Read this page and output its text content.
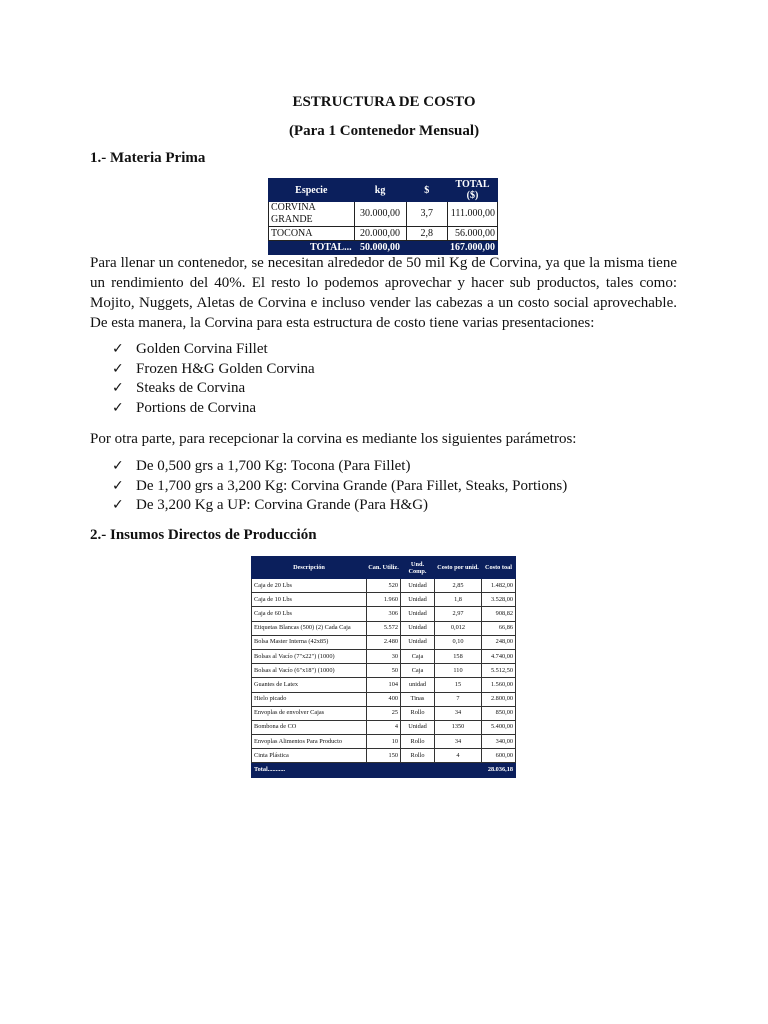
ESTRUCTURA DE COSTO
(Para 1 Contenedor Mensual)
1.- Materia Prima
Especie	kg	$	TOTAL ($)
CORVINA GRANDE	30.000,00	3,7	111.000,00
TOCONA	20.000,00	2,8	56.000,00
TOTAL...	50.000,00		167.000,00
Para llenar un contenedor, se necesitan alrededor de 50 mil Kg de Corvina, ya que la misma tiene un rendimiento del 40%. El resto lo podemos aprovechar y hacer sub productos, tales como: Mojito, Nuggets, Aletas de Corvina e incluso vender las cabezas a un costo social aprovechable. De esta manera, la Corvina para esta estructura de costo tiene varias presentaciones:
✓ Golden Corvina Fillet
✓ Frozen H&G Golden Corvina
✓ Steaks de Corvina
✓ Portions de Corvina
Por otra parte, para recepcionar la corvina es mediante los siguientes parámetros:
✓ De 0,500 grs a 1,700 Kg: Tocona (Para Fillet)
✓ De 1,700 grs a 3,200 Kg: Corvina Grande (Para Fillet, Steaks, Portions)
✓ De 3,200 Kg a UP: Corvina Grande (Para H&G)
2.- Insumos Directos de Producción
Descripción	Can. Utiliz.	Und. Comp.	Costo por unid.	Costo toal
Caja de 20 Lbs	520	Unidad	2,85	1.482,00
Caja de 10 Lbs	1.960	Unidad	1,8	3.528,00
Caja de 60 Lbs	306	Unidad	2,97	908,82
Etiquetas Blancas (500) (2) Cada Caja	5.572	Unidad	0,012	66,86
Bolsa Master Interna (42x85)	2.480	Unidad	0,10	248,00
Bolsas al Vacío (7"x22") (1000)	30	Caja	158	4.740,00
Bolsas al Vacío (6"x18") (1000)	50	Caja	110	5.512,50
Guantes de Latex	104	unidad	15	1.560,00
Hielo picado	400	Tinas	7	2.800,00
Envoplas de envolver Cajas	25	Rollo	34	850,00
Bombona de CO	4	Unidad	1350	5.400,00
Envoplas Alimentos Para Producto	10	Rollo	34	340,00
Cinta Plástica	150	Rollo	4	600,00
Total...........				28.036,18
